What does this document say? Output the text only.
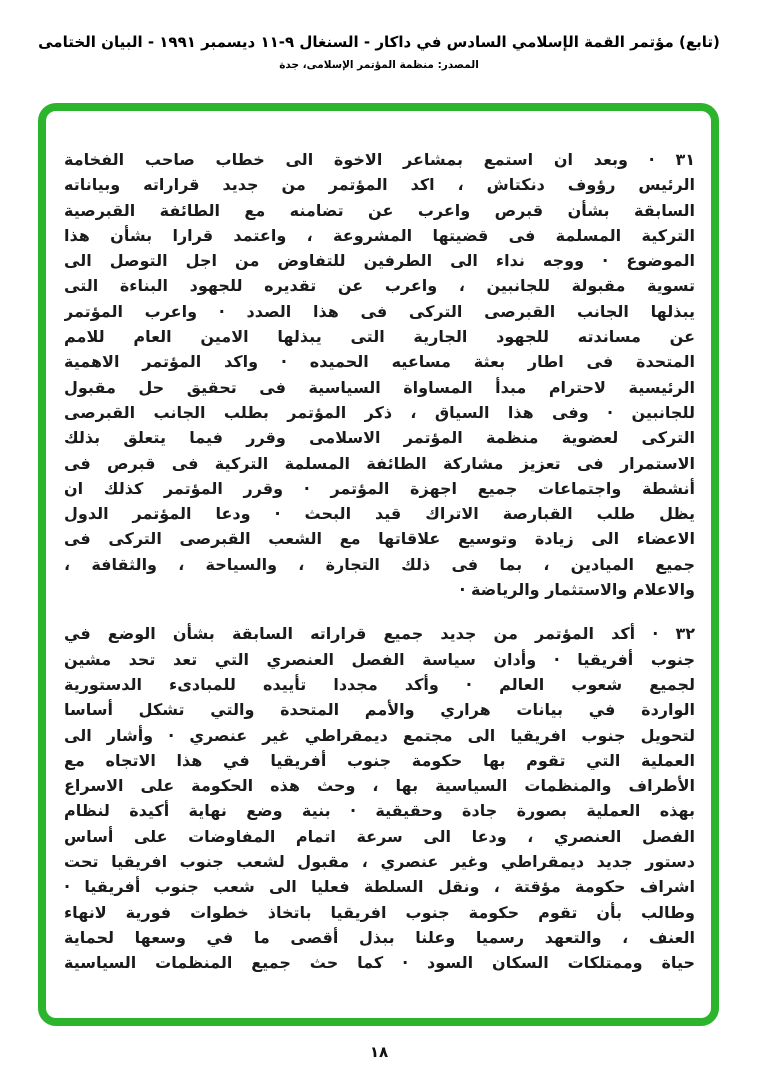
(تابع) مؤتمر القمة الإسلامي السادس في داكار - السنغال ٩-١١ ديسمبر ١٩٩١ - البيان الختامى
المصدر: منظمة المؤتمر الإسلامى، جدة
٣١ · وبعد ان استمع بمشاعر الاخوة الى خطاب صاحب الفخامة
الرئيس رؤوف دنكتاش ، اكد المؤتمر من جديد قراراته وبياناته
السابقة بشأن قبرص واعرب عن تضامنه مع الطائفة القبرصية
التركية المسلمة فى قضيتها المشروعة ، واعتمد قرارا بشأن هذا
الموضوع · ووجه نداء الى الطرفين للتفاوض من اجل التوصل الى
تسوية مقبولة للجانبين ، واعرب عن تقديره للجهود البناءة التى
يبذلها الجانب القبرصى التركى فى هذا الصدد · واعرب المؤتمر
عن مساندته للجهود الجارية التى يبذلها الامين العام للامم
المتحدة فى اطار بعثة مساعيه الحميده · واكد المؤتمر الاهمية
الرئيسية لاحترام مبدأ المساواة السياسية فى تحقيق حل مقبول
للجانبين · وفى هذا السياق ، ذكر المؤتمر بطلب الجانب القبرصى
التركى لعضوية منظمة المؤتمر الاسلامى وقرر فيما يتعلق بذلك
الاستمرار فى تعزيز مشاركة الطائفة المسلمة التركية فى قبرص فى
أنشطة واجتماعات جميع اجهزة المؤتمر · وقرر المؤتمر كذلك ان
يظل طلب القبارصة الاتراك قيد البحث · ودعا المؤتمر الدول
الاعضاء الى زيادة وتوسيع علاقاتها مع الشعب القبرصى التركى فى
جميع الميادين ، بما فى ذلك التجارة ، والسياحة ، والثقافة ،
والاعلام والاستثمار والرياضة ·
٣٢ · أكد المؤتمر من جديد جميع قراراته السابقة بشأن الوضع في
جنوب أفريقيا · وأدان سياسة الفصل العنصري التي تعد تحد مشين
لجميع شعوب العالم · وأكد مجددا تأييده للمبادىء الدستورية
الواردة في بيانات هراري والأمم المتحدة والتي تشكل أساسا
لتحويل جنوب افريقيا الى مجتمع ديمقراطي غير عنصري · وأشار الى
العملية التي تقوم بها حكومة جنوب أفريقيا في هذا الاتجاه مع
الأطراف والمنظمات السياسية بها ، وحث هذه الحكومة على الاسراع
بهذه العملية بصورة جادة وحقيقية · بنية وضع نهاية أكيدة لنظام
الفصل العنصري ، ودعا الى سرعة اتمام المفاوضات على أساس
دستور جديد ديمقراطي وغير عنصري ، مقبول لشعب جنوب افريقيا تحت
اشراف حكومة مؤقتة ، ونقل السلطة فعليا الى شعب جنوب أفريقيا ·
وطالب بأن تقوم حكومة جنوب افريقيا باتخاذ خطوات فورية لانهاء
العنف ، والتعهد رسميا وعلنا ببذل أقصى ما في وسعها لحماية
حياة وممتلكات السكان السود · كما حث جميع المنظمات السياسية
١٨
